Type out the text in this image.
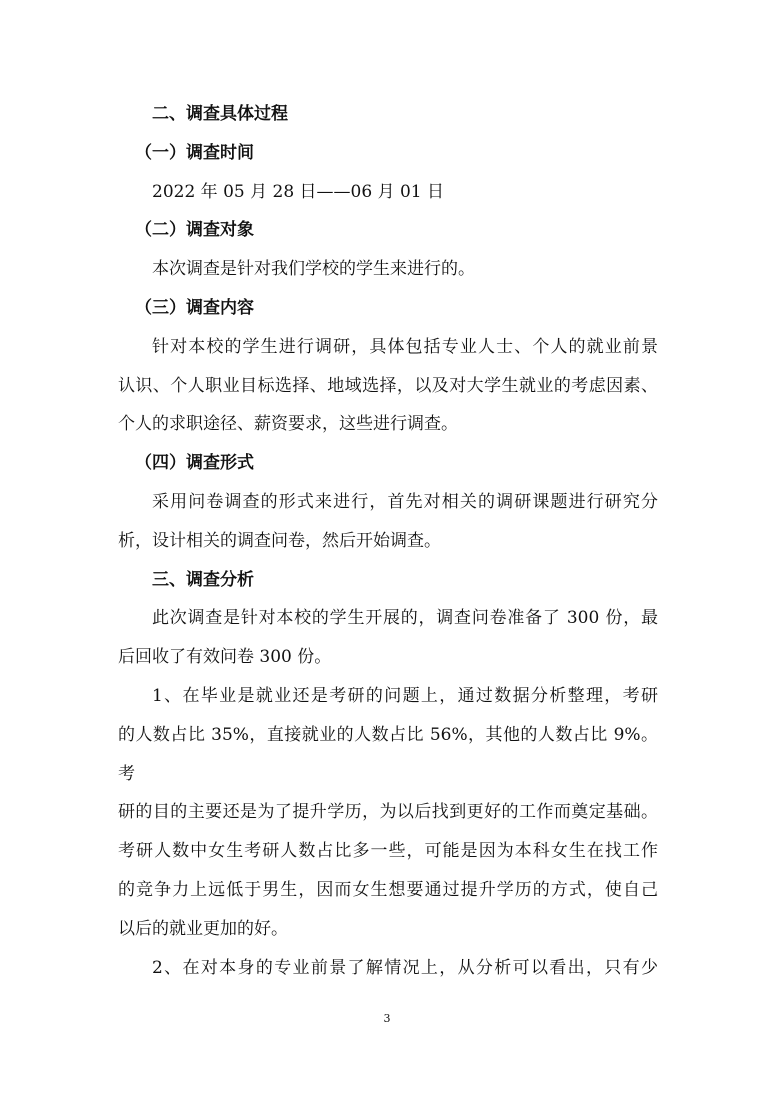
二、调查具体过程

（一）调查时间

2022 年 05 月 28 日——06 月 01 日

（二）调查对象

本次调查是针对我们学校的学生来进行的。

（三）调查内容

针对本校的学生进行调研，具体包括专业人士、个人的就业前景

认识、个人职业目标选择、地域选择，以及对大学生就业的考虑因素、

个人的求职途径、薪资要求，这些进行调查。

（四）调查形式

采用问卷调查的形式来进行，首先对相关的调研课题进行研究分

析，设计相关的调查问卷，然后开始调查。

三、调查分析

此次调查是针对本校的学生开展的，调查问卷准备了 300 份，最

后回收了有效问卷 300 份。

1、在毕业是就业还是考研的问题上，通过数据分析整理，考研

的人数占比 35%，直接就业的人数占比 56%，其他的人数占比 9%。考

研的目的主要还是为了提升学历，为以后找到更好的工作而奠定基础。

考研人数中女生考研人数占比多一些，可能是因为本科女生在找工作

的竞争力上远低于男生，因而女生想要通过提升学历的方式，使自己

以后的就业更加的好。

2、在对本身的专业前景了解情况上，从分析可以看出，只有少

3
